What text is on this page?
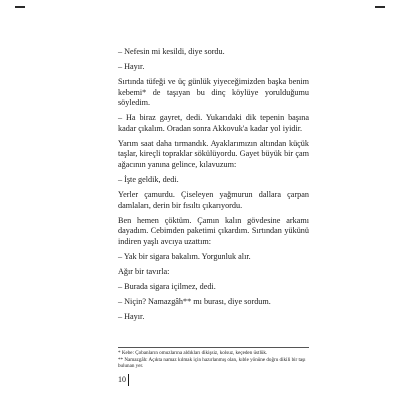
– Nefesin mi kesildi, diye sordu.

– Hayır.

Sırtında tüfeği ve üç günlük yiyeceğimizden başka benim kebemi* de taşıyan bu dinç köylüye yorulduğumu söyledim.

– Ha biraz gayret, dedi. Yukarıdaki dik tepenin başına kadar çıkalım. Oradan sonra Akkovuk'a kadar yol iyidir.

Yarım saat daha tırmandık. Ayaklarımızın altından küçük taşlar, kireçli topraklar sökülüyordu. Gayet büyük bir çam ağacının yanına gelince, kılavuzum:

– İşte geldik, dedi.

Yerler çamurdu. Çiseleyen yağmurun dallara çarpan damlaları, derin bir fısıltı çıkarıyordu.

Ben hemen çöktüm. Çamın kalın gövdesine arkamı dayadım. Cebimden paketimi çıkardım. Sırtından yükünü indiren yaşlı avcıya uzattım:

– Yak bir sigara bakalım. Yorgunluk alır.

Ağır bir tavırla:

– Burada sigara içilmez, dedi.

– Niçin? Namazgâh** mı burası, diye sordum.

– Hayır.

* Kebe: Çobanların omuzlarına aldıkları dikişsiz, kolsuz, keçeden üstlük.

** Namazgâh: Açıkta namaz kılmak için hazırlanmış olan, kıble yönüne doğru dikili bir taşı bulunan yer.

10
